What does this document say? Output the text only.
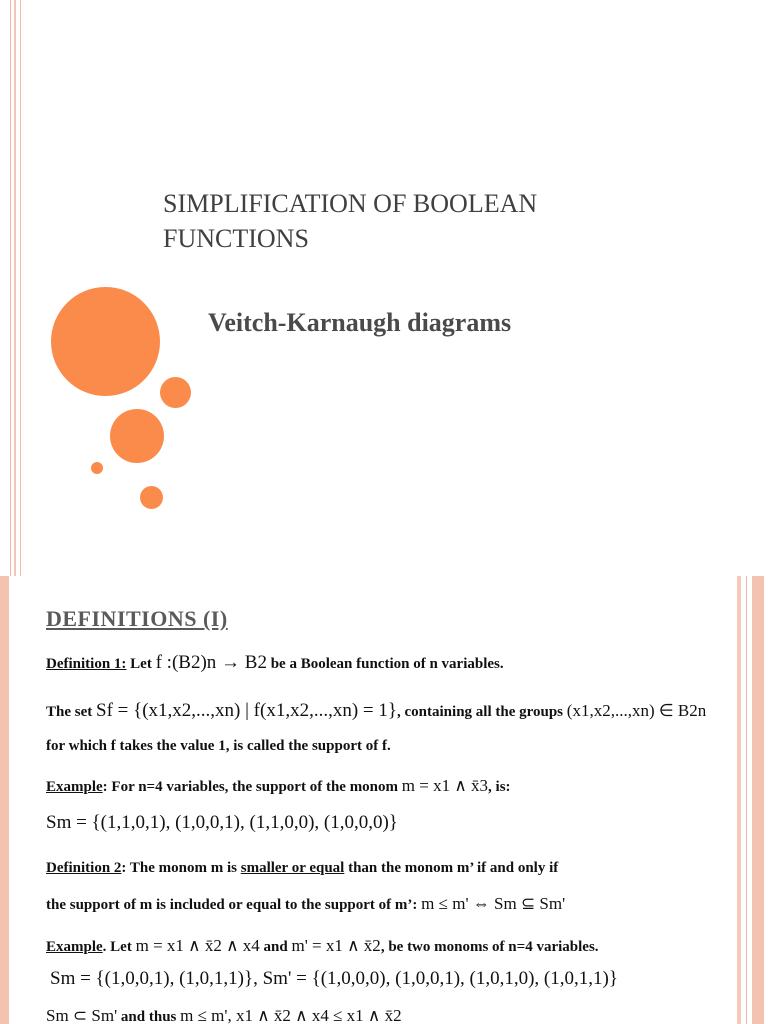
SIMPLIFICATION OF BOOLEAN FUNCTIONS
Veitch-Karnaugh diagrams
DEFINITIONS (I)
Definition 1: Let f :(B2)n → B2 be a Boolean function of n variables.
The set Sf = {(x1,x2,...,xn) | f(x1,x2,...,xn) = 1}, containing all the groups (x1,x2,...,xn) ∈ B2n
for which f takes the value 1, is called the support of f.
Example: For n=4 variables, the support of the monom m = x1 ∧ x̄3, is:
Sm = {(1,1,0,1), (1,0,0,1), (1,1,0,0), (1,0,0,0)}
Definition 2: The monom m is smaller or equal than the monom m’ if and only if
the support of m is included or equal to the support of m’: m ≤ m' ⇔ Sm ⊆ Sm'
Example. Let m = x1 ∧ x̄2 ∧ x4 and m' = x1 ∧ x̄2, be two monoms of n=4 variables.
Sm = {(1,0,0,1), (1,0,1,1)}, Sm' = {(1,0,0,0), (1,0,0,1), (1,0,1,0), (1,0,1,1)}
Sm ⊂ Sm' and thus m ≤ m', x1 ∧ x̄2 ∧ x4 ≤ x1 ∧ x̄2
